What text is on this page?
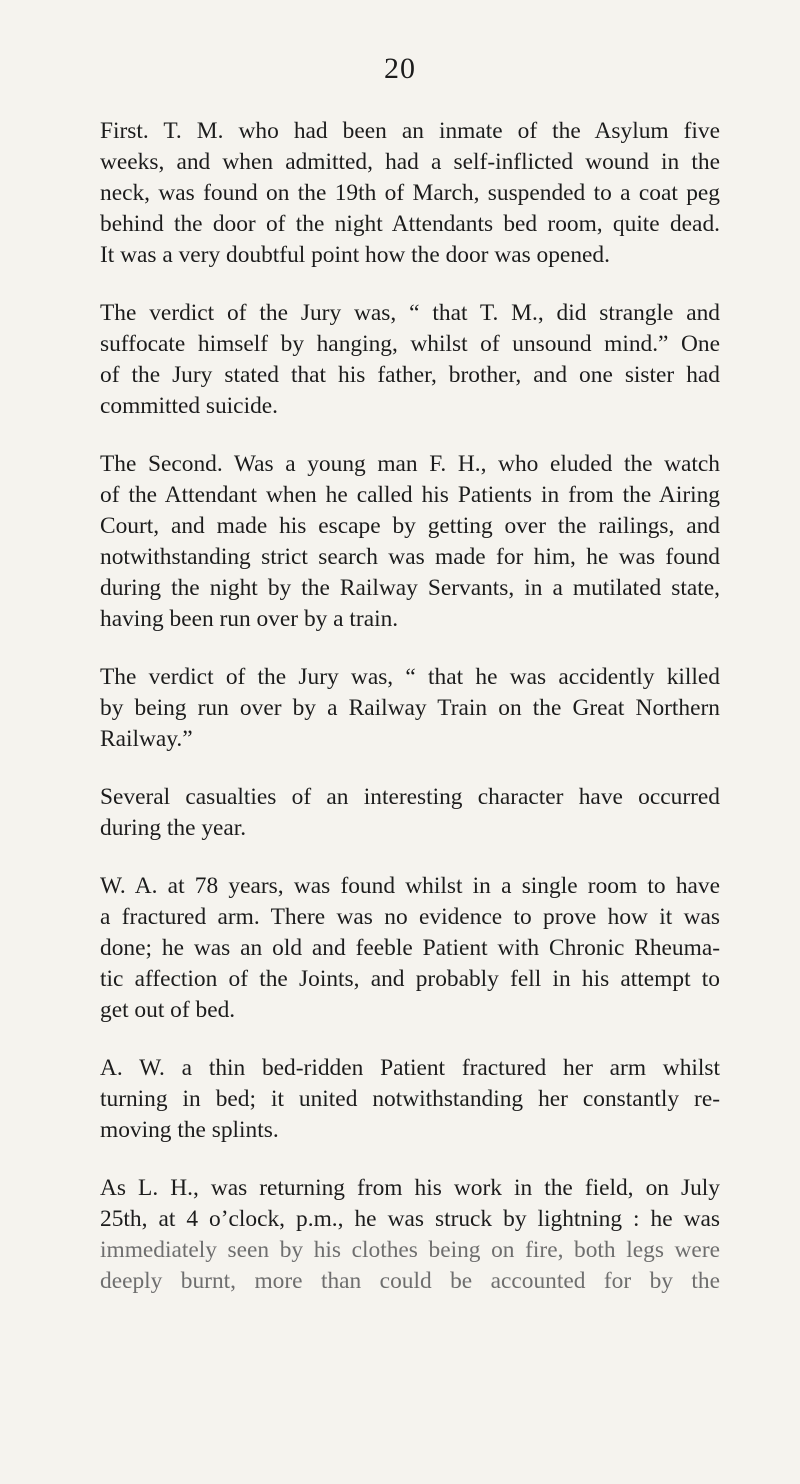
20

First. T. M. who had been an inmate of the Asylum five
weeks, and when admitted, had a self-inflicted wound in the
neck, was found on the 19th of March, suspended to a coat peg
behind the door of the night Attendants bed room, quite dead.
It was a very doubtful point how the door was opened.

The verdict of the Jury was, “ that T. M., did strangle and
suffocate himself by hanging, whilst of unsound mind.” One
of the Jury stated that his father, brother, and one sister had
committed suicide.

The Second. Was a young man F. H., who eluded the watch
of the Attendant when he called his Patients in from the Airing
Court, and made his escape by getting over the railings, and
notwithstanding strict search was made for him, he was found
during the night by the Railway Servants, in a mutilated state,
having been run over by a train.

The verdict of the Jury was, “ that he was accidently killed
by being run over by a Railway Train on the Great Northern
Railway.”

Several casualties of an interesting character have occurred
during the year.

W. A. at 78 years, was found whilst in a single room to have
a fractured arm. There was no evidence to prove how it was
done; he was an old and feeble Patient with Chronic Rheuma-
tic affection of the Joints, and probably fell in his attempt to
get out of bed.

A. W. a thin bed-ridden Patient fractured her arm whilst
turning in bed; it united notwithstanding her constantly re-
moving the splints.

As L. H., was returning from his work in the field, on July
25th, at 4 o’clock, p.m., he was struck by lightning : he was
immediately seen by his clothes being on fire, both legs were
deeply burnt, more than could be accounted for by the
